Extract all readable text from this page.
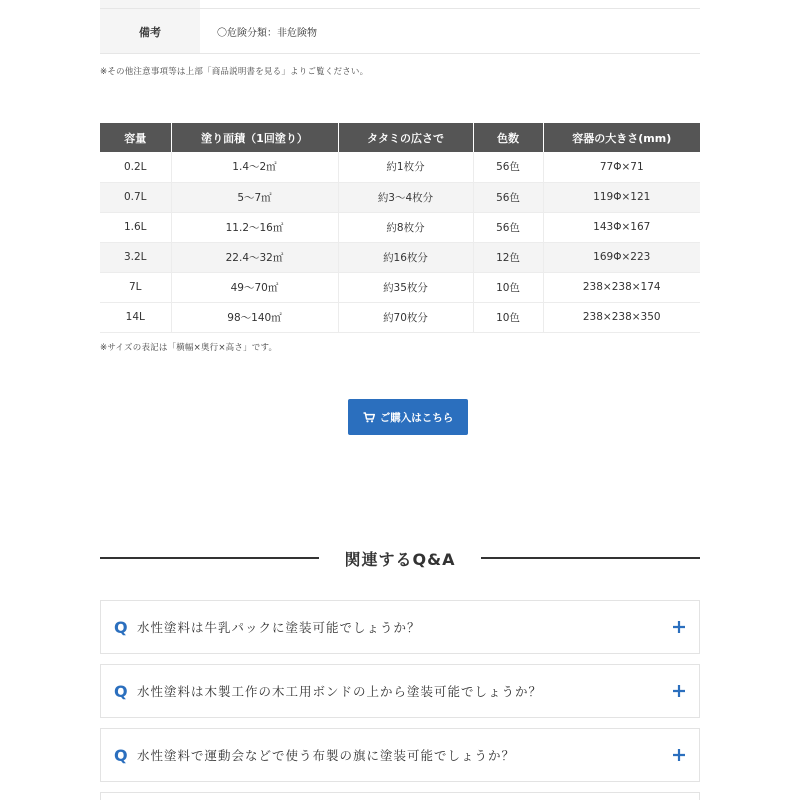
備考	〇危険分類：非危険物
※その他注意事項等は上部「商品説明書を見る」よりご覧ください。
容量	塗り面積（1回塗り）	タタミの広さで	色数	容器の大きさ(mm)
0.2L	1.4～2㎡	約1枚分	56色	77Φ×71
0.7L	5～7㎡	約3～4枚分	56色	119Φ×121
1.6L	11.2～16㎡	約8枚分	56色	143Φ×167
3.2L	22.4～32㎡	約16枚分	12色	169Φ×223
7L	49～70㎡	約35枚分	10色	238×238×174
14L	98～140㎡	約70枚分	10色	238×238×350
※サイズの表記は「横幅×奥行×高さ」です。
ご購入はこちら
関連するQ&A
Q 水性塗料は牛乳パックに塗装可能でしょうか？
Q 水性塗料は木製工作の木工用ボンドの上から塗装可能でしょうか？
Q 水性塗料で運動会などで使う布製の旗に塗装可能でしょうか？
